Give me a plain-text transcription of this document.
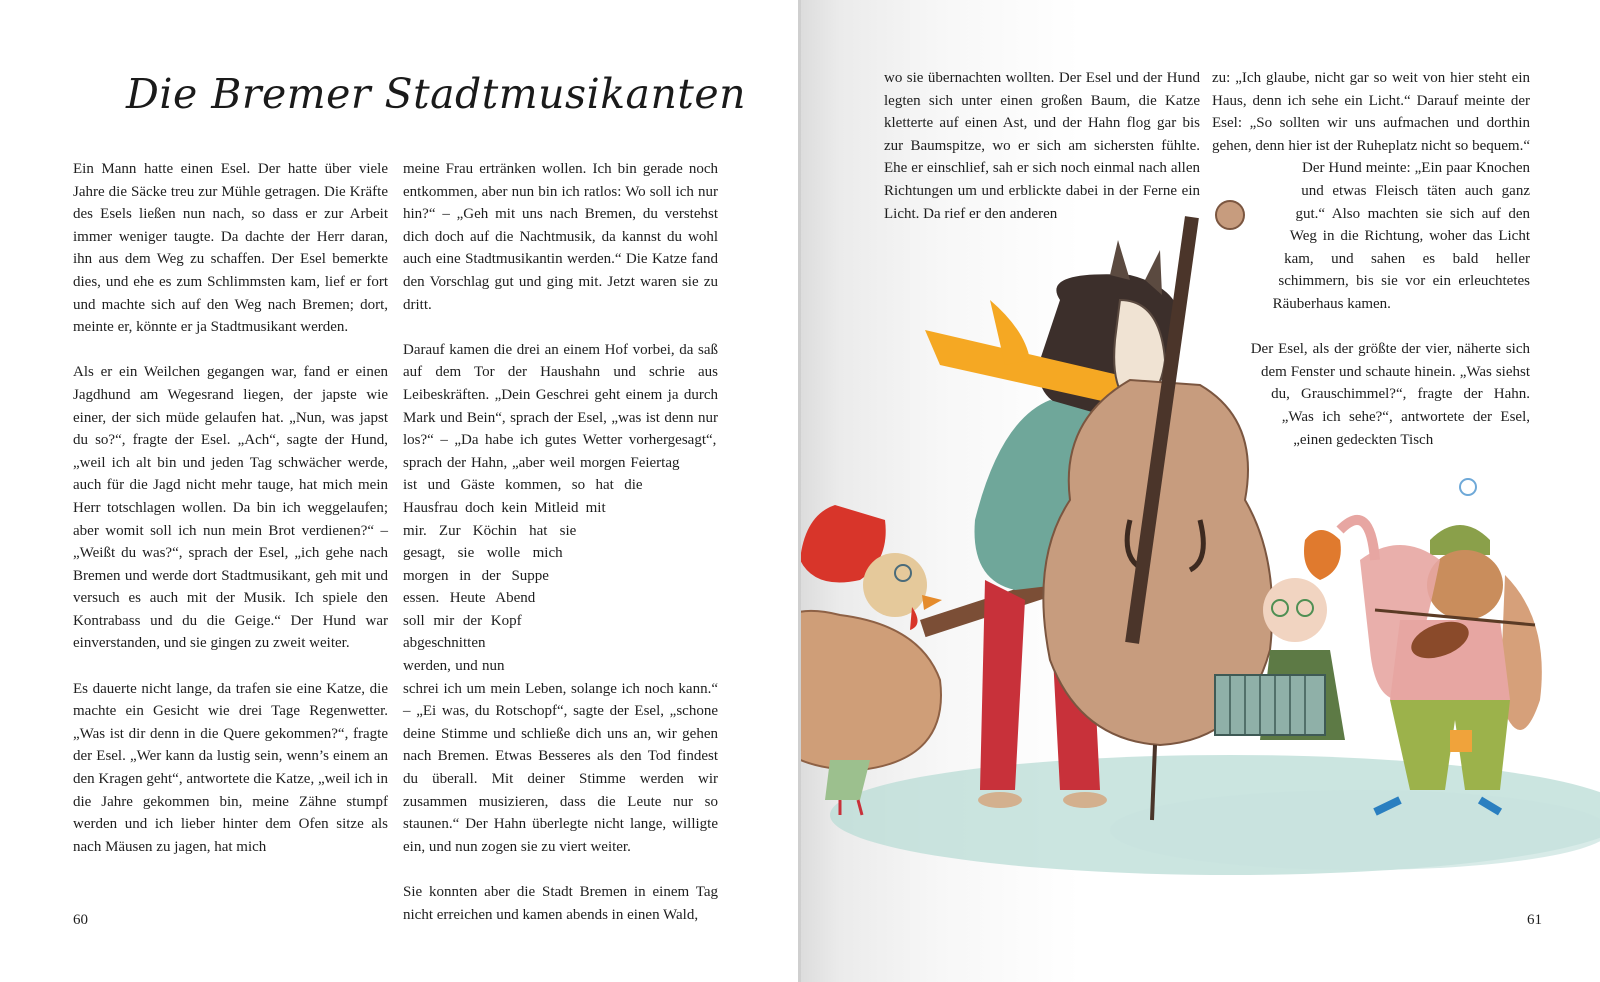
Die Bremer Stadtmusikanten

Ein Mann hatte einen Esel. Der hatte über viele Jahre die Säcke treu zur Mühle getragen. Die Kräfte des Esels ließen nun nach, so dass er zur Arbeit immer weniger taugte. Da dachte der Herr daran, ihn aus dem Weg zu schaffen. Der Esel bemerkte dies, und ehe es zum Schlimmsten kam, lief er fort und machte sich auf den Weg nach Bremen; dort, meinte er, könnte er ja Stadtmusikant werden.

Als er ein Weilchen gegangen war, fand er einen Jagdhund am Wegesrand liegen, der japste wie einer, der sich müde gelaufen hat. „Nun, was japst du so?“, fragte der Esel. „Ach“, sagte der Hund, „weil ich alt bin und jeden Tag schwächer werde, auch für die Jagd nicht mehr tauge, hat mich mein Herr totschlagen wollen. Da bin ich weggelaufen; aber womit soll ich nun mein Brot verdienen?“ – „Weißt du was?“, sprach der Esel, „ich gehe nach Bremen und werde dort Stadtmusikant, geh mit und versuch es auch mit der Musik. Ich spiele den Kontrabass und du die Geige.“ Der Hund war einverstanden, und sie gingen zu zweit weiter.

Es dauerte nicht lange, da trafen sie eine Katze, die machte ein Gesicht wie drei Tage Regenwetter. „Was ist dir denn in die Quere gekommen?“, fragte der Esel. „Wer kann da lustig sein, wenn’s einem an den Kragen geht“, antwortete die Katze, „weil ich in die Jahre gekommen bin, meine Zähne stumpf werden und ich lieber hinter dem Ofen sitze als nach Mäusen zu jagen, hat mich

meine Frau ertränken wollen. Ich bin gerade noch entkommen, aber nun bin ich ratlos: Wo soll ich nur hin?“ – „Geh mit uns nach Bremen, du verstehst dich doch auf die Nachtmusik, da kannst du wohl auch eine Stadtmusikantin werden.“ Die Katze fand den Vorschlag gut und ging mit. Jetzt waren sie zu dritt.

Darauf kamen die drei an einem Hof vorbei, da saß auf dem Tor der Haushahn und schrie aus Leibeskräften. „Dein Geschrei geht einem ja durch Mark und Bein“, sprach der Esel, „was ist denn nur los?“ – „Da habe ich gutes Wetter vorhergesagt“, sprach der Hahn, „aber weil morgen Feiertag ist und Gäste kommen, so hat die Hausfrau doch kein Mitleid mit mir. Zur Köchin hat sie gesagt, sie wolle mich morgen in der Suppe essen. Heute Abend soll mir der Kopf abgeschnitten werden, und nun schrei ich um mein Leben, solange ich noch kann.“ – „Ei was, du Rotschopf“, sagte der Esel, „schone deine Stimme und schließe dich uns an, wir gehen nach Bremen. Etwas Besseres als den Tod findest du überall. Mit deiner Stimme werden wir zusammen musizieren, dass die Leute nur so staunen.“ Der Hahn überlegte nicht lange, willigte ein, und nun zogen sie zu viert weiter.

Sie konnten aber die Stadt Bremen in einem Tag nicht erreichen und kamen abends in einen Wald,

60

wo sie übernachten wollten. Der Esel und der Hund legten sich unter einen großen Baum, die Katze kletterte auf einen Ast, und der Hahn flog gar bis zur Baumspitze, wo er sich am sichersten fühlte. Ehe er einschlief, sah er sich noch einmal nach allen Richtungen um und erblickte dabei in der Ferne ein Licht. Da rief er den anderen

zu: „Ich glaube, nicht gar so weit von hier steht ein Haus, denn ich sehe ein Licht.“ Darauf meinte der Esel: „So sollten wir uns aufmachen und dorthin gehen, denn hier ist der Ruheplatz nicht so bequem.“ Der Hund meinte: „Ein paar Knochen und etwas Fleisch täten auch ganz gut.“ Also machten sie sich auf den Weg in die Richtung, woher das Licht kam, und sahen es bald heller schimmern, bis sie vor ein erleuchtetes Räuberhaus kamen.

Der Esel, als der größte der vier, näherte sich dem Fenster und schaute hinein. „Was siehst du, Grauschimmel?“, fragte der Hahn. „Was ich sehe?“, antwortete der Esel, „einen gedeckten Tisch

61
